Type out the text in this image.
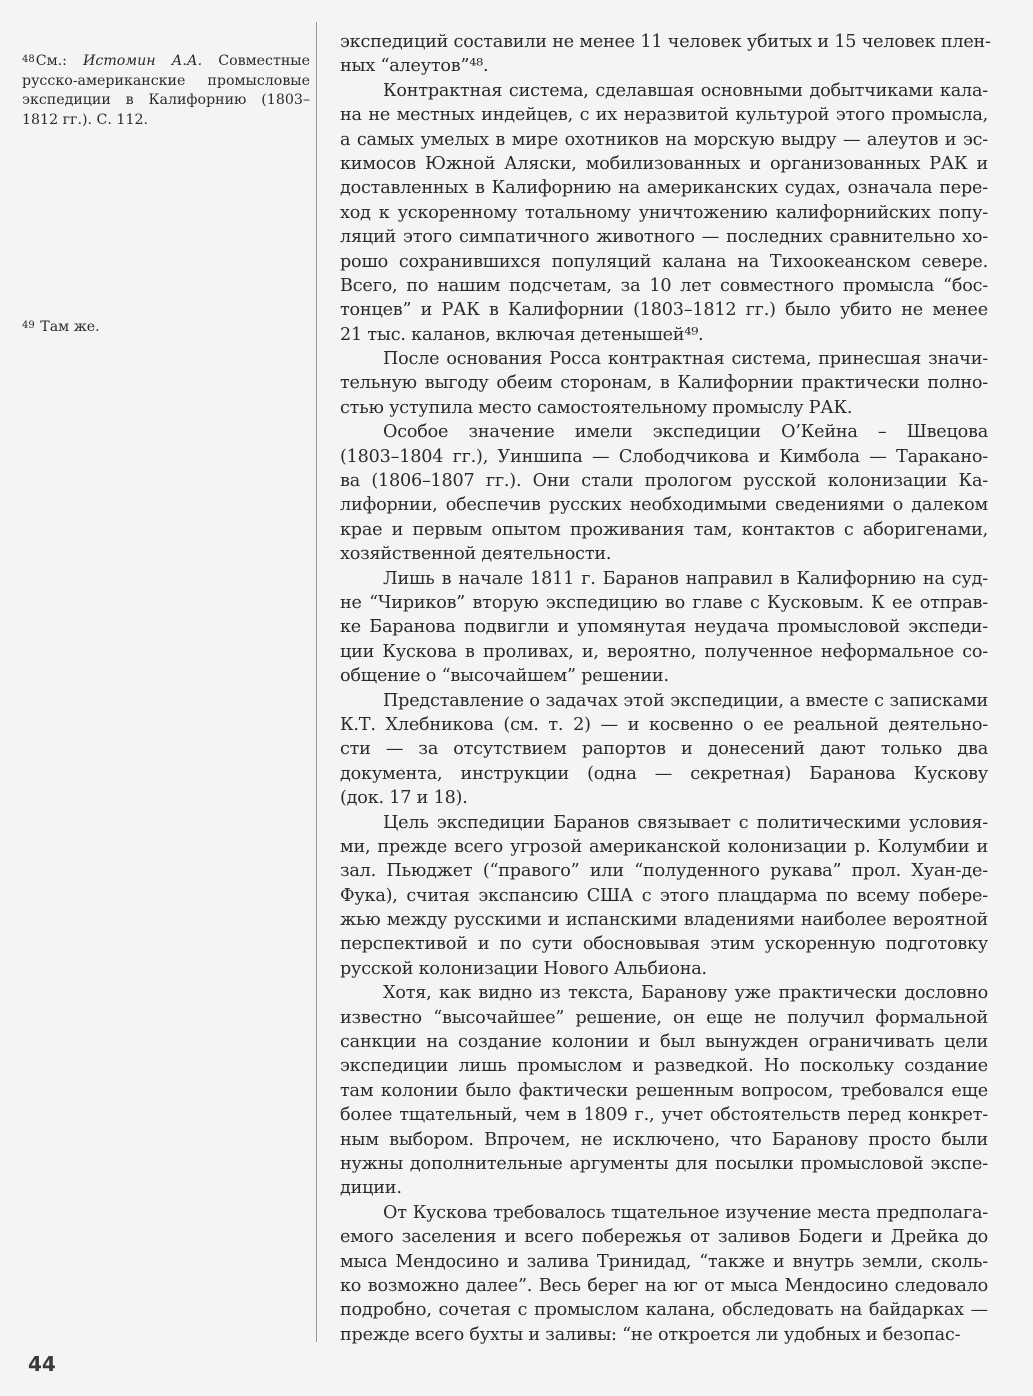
$^{48}$См.: Истомин А.А. Совместные русско-американские промысловые экспедиции в Калифорнию (1803–1812 гг.). С. 112.
$^{49}$ Там же.
экспедиций составили не менее 11 человек убитых и 15 человек плен-
ных “алеутов”⁴⁸.
Контрактная система, сделавшая основными добытчиками кала-
на не местных индейцев, с их неразвитой культурой этого промысла,
а самых умелых в мире охотников на морскую выдру — алеутов и эс-
кимосов Южной Аляски, мобилизованных и организованных РАК и
доставленных в Калифорнию на американских судах, означала пере-
ход к ускоренному тотальному уничтожению калифорнийских попу-
ляций этого симпатичного животного — последних сравнительно хо-
рошо сохранившихся популяций калана на Тихоокеанском севере.
Всего, по нашим подсчетам, за 10 лет совместного промысла “бос-
тонцев” и РАК в Калифорнии (1803–1812 гг.) было убито не менее
21 тыс. каланов, включая детенышей⁴⁹.
После основания Росса контрактная система, принесшая значи-
тельную выгоду обеим сторонам, в Калифорнии практически полно-
стью уступила место самостоятельному промыслу РАК.
Особое значение имели экспедиции О’Кейна – Швецова
(1803–1804 гг.), Уиншипа — Слободчикова и Кимбола — Таракано-
ва (1806–1807 гг.). Они стали прологом русской колонизации Ка-
лифорнии, обеспечив русских необходимыми сведениями о далеком
крае и первым опытом проживания там, контактов с аборигенами,
хозяйственной деятельности.
Лишь в начале 1811 г. Баранов направил в Калифорнию на суд-
не “Чириков” вторую экспедицию во главе с Кусковым. К ее отправ-
ке Баранова подвигли и упомянутая неудача промысловой экспеди-
ции Кускова в проливах, и, вероятно, полученное неформальное со-
общение о “высочайшем” решении.
Представление о задачах этой экспедиции, а вместе с записками
К.Т. Хлебникова (см. т. 2) — и косвенно о ее реальной деятельно-
сти — за отсутствием рапортов и донесений дают только два
документа, инструкции (одна — секретная) Баранова Кускову
(док. 17 и 18).
Цель экспедиции Баранов связывает с политическими условия-
ми, прежде всего угрозой американской колонизации р. Колумбии и
зал. Пьюджет (“правого” или “полуденного рукава” прол. Хуан-де-
Фука), считая экспансию США с этого плацдарма по всему побере-
жью между русскими и испанскими владениями наиболее вероятной
перспективой и по сути обосновывая этим ускоренную подготовку
русской колонизации Нового Альбиона.
Хотя, как видно из текста, Баранову уже практически дословно
известно “высочайшее” решение, он еще не получил формальной
санкции на создание колонии и был вынужден ограничивать цели
экспедиции лишь промыслом и разведкой. Но поскольку создание
там колонии было фактически решенным вопросом, требовался еще
более тщательный, чем в 1809 г., учет обстоятельств перед конкрет-
ным выбором. Впрочем, не исключено, что Баранову просто были
нужны дополнительные аргументы для посылки промысловой экспе-
диции.
От Кускова требовалось тщательное изучение места предполага-
емого заселения и всего побережья от заливов Бодеги и Дрейка до
мыса Мендосино и залива Тринидад, “также и внутрь земли, сколь-
ко возможно далее”. Весь берег на юг от мыса Мендосино следовало
подробно, сочетая с промыслом калана, обследовать на байдарках —
прежде всего бухты и заливы: “не откроется ли удобных и безопас-
44
